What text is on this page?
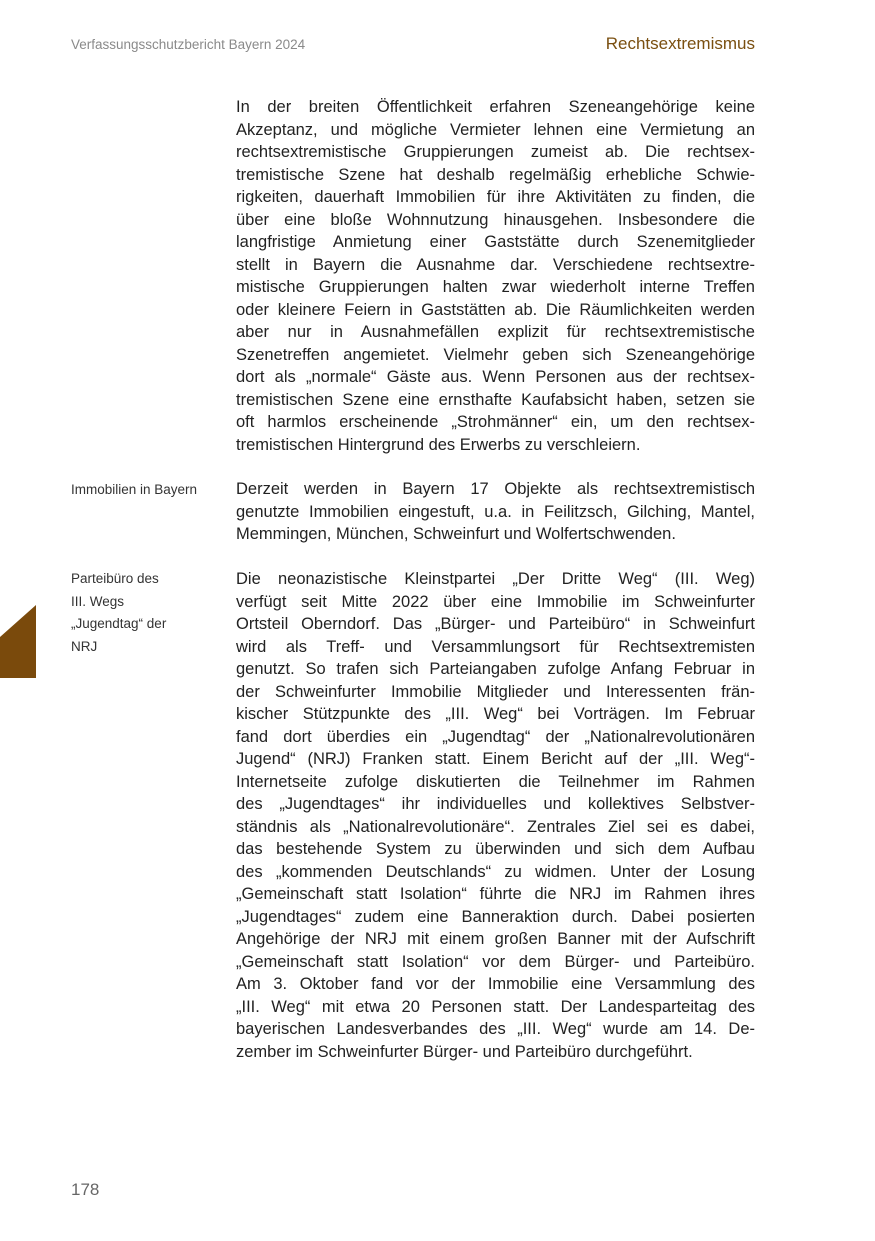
Verfassungsschutzbericht Bayern 2024	Rechtsextremismus
Immobilien in Bayern
Parteibüro des
III. Wegs
„Jugendtag“ der
NRJ
In der breiten Öffentlichkeit erfahren Szeneangehörige keine
Akzeptanz, und mögliche Vermieter lehnen eine Vermietung an
rechtsextremistische Gruppierungen zumeist ab. Die rechtsex-
tremistische Szene hat deshalb regelmäßig erhebliche Schwie-
rigkeiten, dauerhaft Immobilien für ihre Aktivitäten zu finden, die
über eine bloße Wohnnutzung hinausgehen. Insbesondere die
langfristige Anmietung einer Gaststätte durch Szenemitglieder
stellt in Bayern die Ausnahme dar. Verschiedene rechtsextre-
mistische Gruppierungen halten zwar wiederholt interne Treffen
oder kleinere Feiern in Gaststätten ab. Die Räumlichkeiten werden
aber nur in Ausnahmefällen explizit für rechtsextremistische
Szenetreffen angemietet. Vielmehr geben sich Szeneangehörige
dort als „normale“ Gäste aus. Wenn Personen aus der rechtsex-
tremistischen Szene eine ernsthafte Kaufabsicht haben, setzen sie
oft harmlos erscheinende „Strohmänner“ ein, um den rechtsex-
tremistischen Hintergrund des Erwerbs zu verschleiern.
Derzeit werden in Bayern 17 Objekte als rechtsextremistisch
genutzte Immobilien eingestuft, u.a. in Feilitzsch, Gilching, Mantel,
Memmingen, München, Schweinfurt und Wolfertschwenden.
Die neonazistische Kleinstpartei „Der Dritte Weg“ (III. Weg)
verfügt seit Mitte 2022 über eine Immobilie im Schweinfurter
Ortsteil Oberndorf. Das „Bürger- und Parteibüro“ in Schweinfurt
wird als Treff- und Versammlungsort für Rechtsextremisten
genutzt. So trafen sich Parteiangaben zufolge Anfang Februar in
der Schweinfurter Immobilie Mitglieder und Interessenten frän-
kischer Stützpunkte des „III. Weg“ bei Vorträgen. Im Februar
fand dort überdies ein „Jugendtag“ der „Nationalrevolutionären
Jugend“ (NRJ) Franken statt. Einem Bericht auf der „III. Weg“-
Internetseite zufolge diskutierten die Teilnehmer im Rahmen
des „Jugendtages“ ihr individuelles und kollektives Selbstver-
ständnis als „Nationalrevolutionäre“. Zentrales Ziel sei es dabei,
das bestehende System zu überwinden und sich dem Aufbau
des „kommenden Deutschlands“ zu widmen. Unter der Losung
„Gemeinschaft statt Isolation“ führte die NRJ im Rahmen ihres
„Jugendtages“ zudem eine Banneraktion durch. Dabei posierten
Angehörige der NRJ mit einem großen Banner mit der Aufschrift
„Gemeinschaft statt Isolation“ vor dem Bürger- und Parteibüro.
Am 3. Oktober fand vor der Immobilie eine Versammlung des
„III. Weg“ mit etwa 20 Personen statt. Der Landesparteitag des
bayerischen Landesverbandes des „III. Weg“ wurde am 14. De-
zember im Schweinfurter Bürger- und Parteibüro durchgeführt.
178
